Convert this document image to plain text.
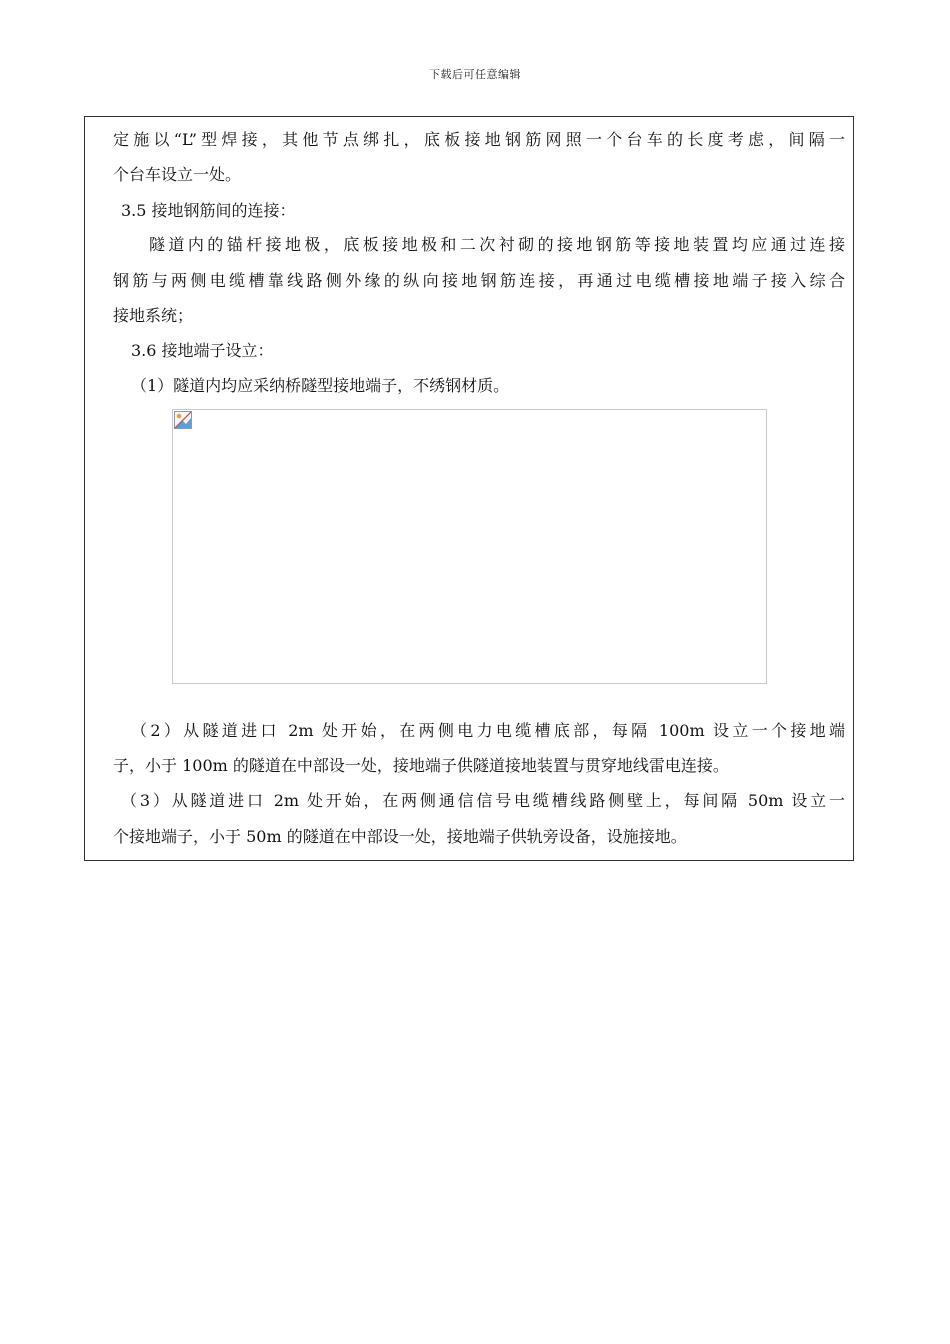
下载后可任意编辑
定施以“L”型焊接，其他节点绑扎，底板接地钢筋网照一个台车的长度考虑，间隔一
个台车设立一处。
3.5 接地钢筋间的连接：
隧道内的锚杆接地极，底板接地极和二次衬砌的接地钢筋等接地装置均应通过连接
钢筋与两侧电缆槽靠线路侧外缘的纵向接地钢筋连接，再通过电缆槽接地端子接入综合
接地系统；
3.6 接地端子设立：
（1）隧道内均应采纳桥隧型接地端子，不绣钢材质。
（2）从隧道进口 2m 处开始，在两侧电力电缆槽底部，每隔 100m 设立一个接地端
子，小于 100m 的隧道在中部设一处，接地端子供隧道接地装置与贯穿地线雷电连接。
（3）从隧道进口 2m 处开始，在两侧通信信号电缆槽线路侧壁上，每间隔 50m 设立一
个接地端子，小于 50m 的隧道在中部设一处，接地端子供轨旁设备，设施接地。
